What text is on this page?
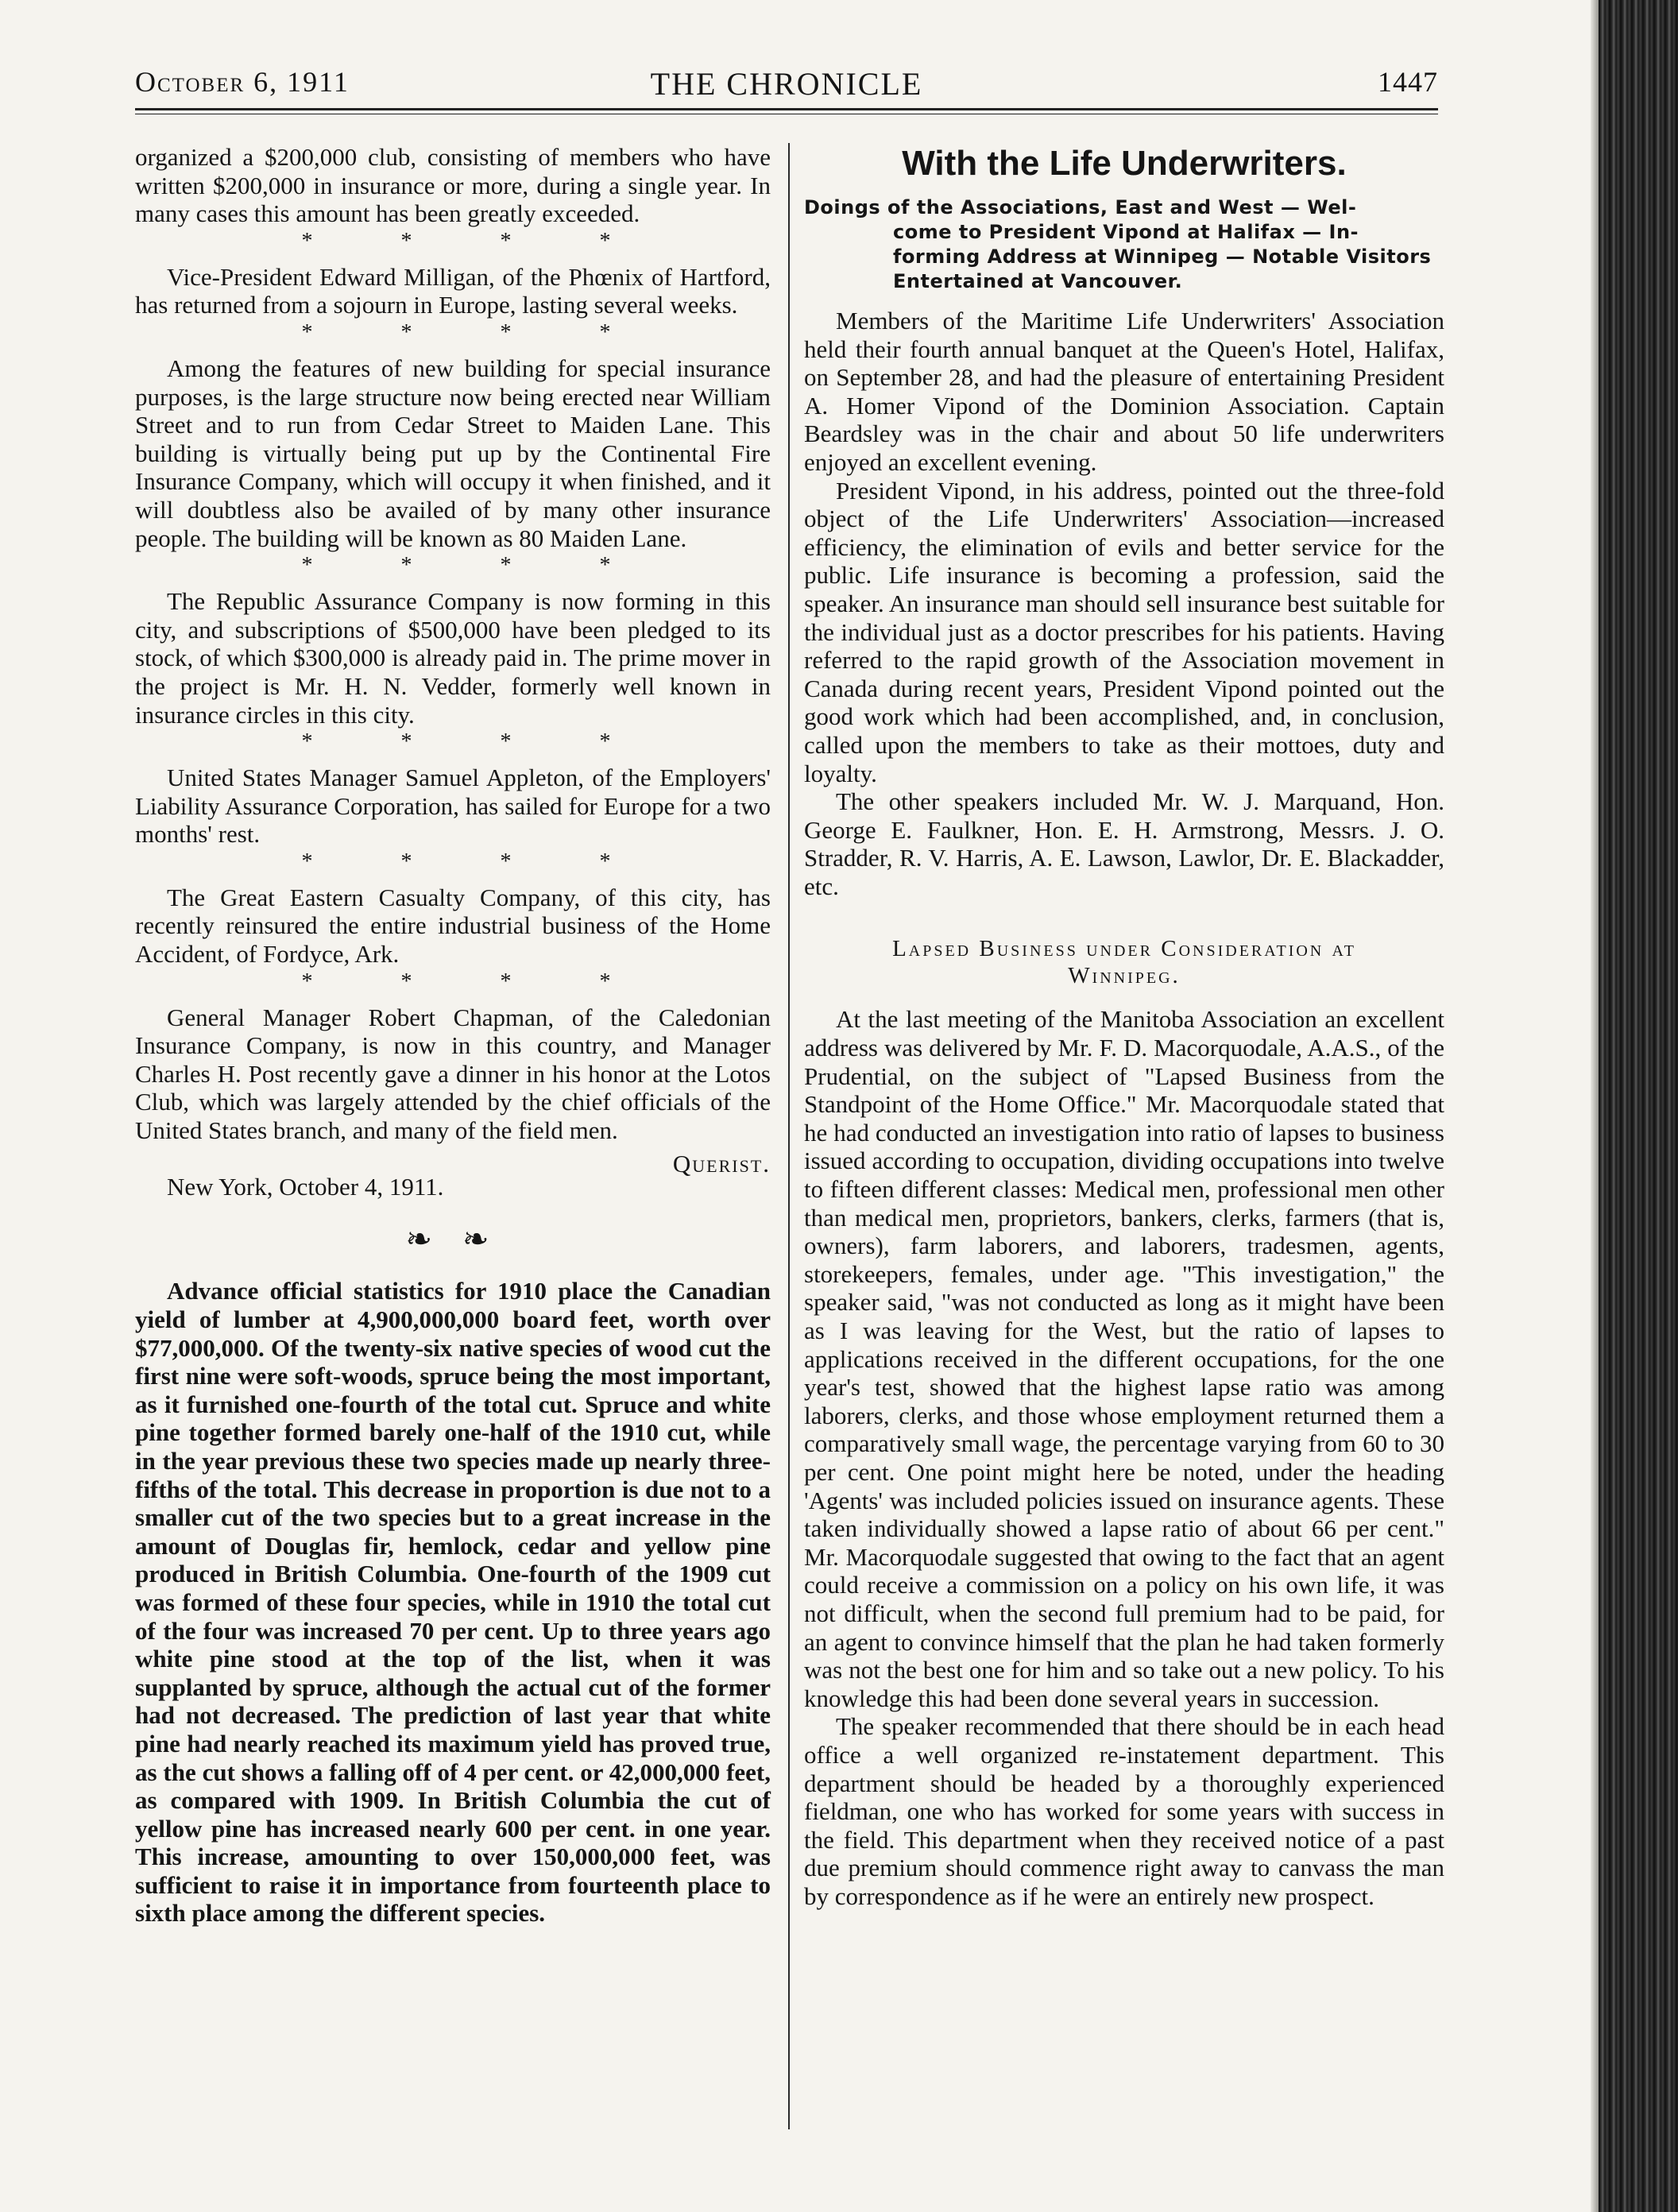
October 6, 1911	THE CHRONICLE	1447

organized a $200,000 club, consisting of members who have written $200,000 in insurance or more, during a single year. In many cases this amount has been greatly exceeded.

* * * *

Vice-President Edward Milligan, of the Phœnix of Hartford, has returned from a sojourn in Europe, lasting several weeks.

* * * *

Among the features of new building for special insurance purposes, is the large structure now being erected near William Street and to run from Cedar Street to Maiden Lane. This building is virtually being put up by the Continental Fire Insurance Company, which will occupy it when finished, and it will doubtless also be availed of by many other insurance people. The building will be known as 80 Maiden Lane.

* * * *

The Republic Assurance Company is now forming in this city, and subscriptions of $500,000 have been pledged to its stock, of which $300,000 is already paid in. The prime mover in the project is Mr. H. N. Vedder, formerly well known in insurance circles in this city.

* * * *

United States Manager Samuel Appleton, of the Employers' Liability Assurance Corporation, has sailed for Europe for a two months' rest.

* * * *

The Great Eastern Casualty Company, of this city, has recently reinsured the entire industrial business of the Home Accident, of Fordyce, Ark.

* * * *

General Manager Robert Chapman, of the Caledonian Insurance Company, is now in this country, and Manager Charles H. Post recently gave a dinner in his honor at the Lotos Club, which was largely attended by the chief officials of the United States branch, and many of the field men.

Querist.

New York, October 4, 1911.

❧ ❧

Advance official statistics for 1910 place the Canadian yield of lumber at 4,900,000,000 board feet, worth over $77,000,000. Of the twenty-six native species of wood cut the first nine were soft-woods, spruce being the most important, as it furnished one-fourth of the total cut. Spruce and white pine together formed barely one-half of the 1910 cut, while in the year previous these two species made up nearly three-fifths of the total. This decrease in proportion is due not to a smaller cut of the two species but to a great increase in the amount of Douglas fir, hemlock, cedar and yellow pine produced in British Columbia. One-fourth of the 1909 cut was formed of these four species, while in 1910 the total cut of the four was increased 70 per cent. Up to three years ago white pine stood at the top of the list, when it was supplanted by spruce, although the actual cut of the former had not decreased. The prediction of last year that white pine had nearly reached its maximum yield has proved true, as the cut shows a falling off of 4 per cent. or 42,000,000 feet, as compared with 1909. In British Columbia the cut of yellow pine has increased nearly 600 per cent. in one year. This increase, amounting to over 150,000,000 feet, was sufficient to raise it in importance from fourteenth place to sixth place among the different species.

With the Life Underwriters.
Doings of the Associations, East and West — Wel-
come to President Vipond at Halifax — In-
forming Address at Winnipeg — Notable Visitors
Entertained at Vancouver.

Members of the Maritime Life Underwriters' Association held their fourth annual banquet at the Queen's Hotel, Halifax, on September 28, and had the pleasure of entertaining President A. Homer Vipond of the Dominion Association. Captain Beardsley was in the chair and about 50 life underwriters enjoyed an excellent evening.

President Vipond, in his address, pointed out the three-fold object of the Life Underwriters' Association—increased efficiency, the elimination of evils and better service for the public. Life insurance is becoming a profession, said the speaker. An insurance man should sell insurance best suitable for the individual just as a doctor prescribes for his patients. Having referred to the rapid growth of the Association movement in Canada during recent years, President Vipond pointed out the good work which had been accomplished, and, in conclusion, called upon the members to take as their mottoes, duty and loyalty.

The other speakers included Mr. W. J. Marquand, Hon. George E. Faulkner, Hon. E. H. Armstrong, Messrs. J. O. Stradder, R. V. Harris, A. E. Lawson, Lawlor, Dr. E. Blackadder, etc.

Lapsed Business under Consideration at Winnipeg.

At the last meeting of the Manitoba Association an excellent address was delivered by Mr. F. D. Macorquodale, A.A.S., of the Prudential, on the subject of "Lapsed Business from the Standpoint of the Home Office." Mr. Macorquodale stated that he had conducted an investigation into ratio of lapses to business issued according to occupation, dividing occupations into twelve to fifteen different classes: Medical men, professional men other than medical men, proprietors, bankers, clerks, farmers (that is, owners), farm laborers, and laborers, tradesmen, agents, storekeepers, females, under age. "This investigation," the speaker said, "was not conducted as long as it might have been as I was leaving for the West, but the ratio of lapses to applications received in the different occupations, for the one year's test, showed that the highest lapse ratio was among laborers, clerks, and those whose employment returned them a comparatively small wage, the percentage varying from 60 to 30 per cent. One point might here be noted, under the heading 'Agents' was included policies issued on insurance agents. These taken individually showed a lapse ratio of about 66 per cent." Mr. Macorquodale suggested that owing to the fact that an agent could receive a commission on a policy on his own life, it was not difficult, when the second full premium had to be paid, for an agent to convince himself that the plan he had taken formerly was not the best one for him and so take out a new policy. To his knowledge this had been done several years in succession.

The speaker recommended that there should be in each head office a well organized re-instatement department. This department should be headed by a thoroughly experienced fieldman, one who has worked for some years with success in the field. This department when they received notice of a past due premium should commence right away to canvass the man by correspondence as if he were an entirely new prospect.
